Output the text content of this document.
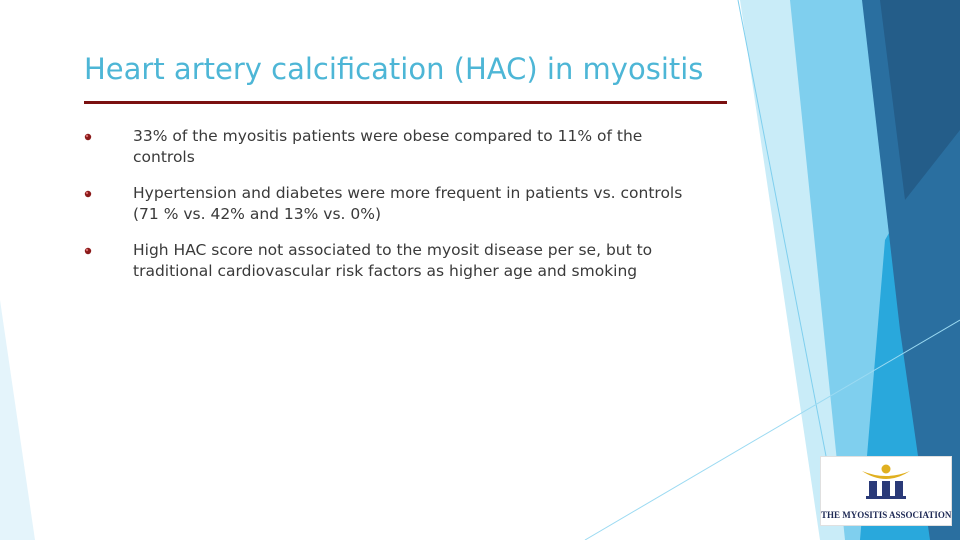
Heart artery calcification (HAC) in myositis
33% of the myositis patients were obese compared to 11% of the
controls
Hypertension and diabetes were more frequent in patients vs. controls
(71 % vs. 42% and 13% vs. 0%)
High HAC score not associated to the myosit disease per se, but to
traditional cardiovascular risk factors as higher age and smoking
THE MYOSITIS ASSOCIATION
